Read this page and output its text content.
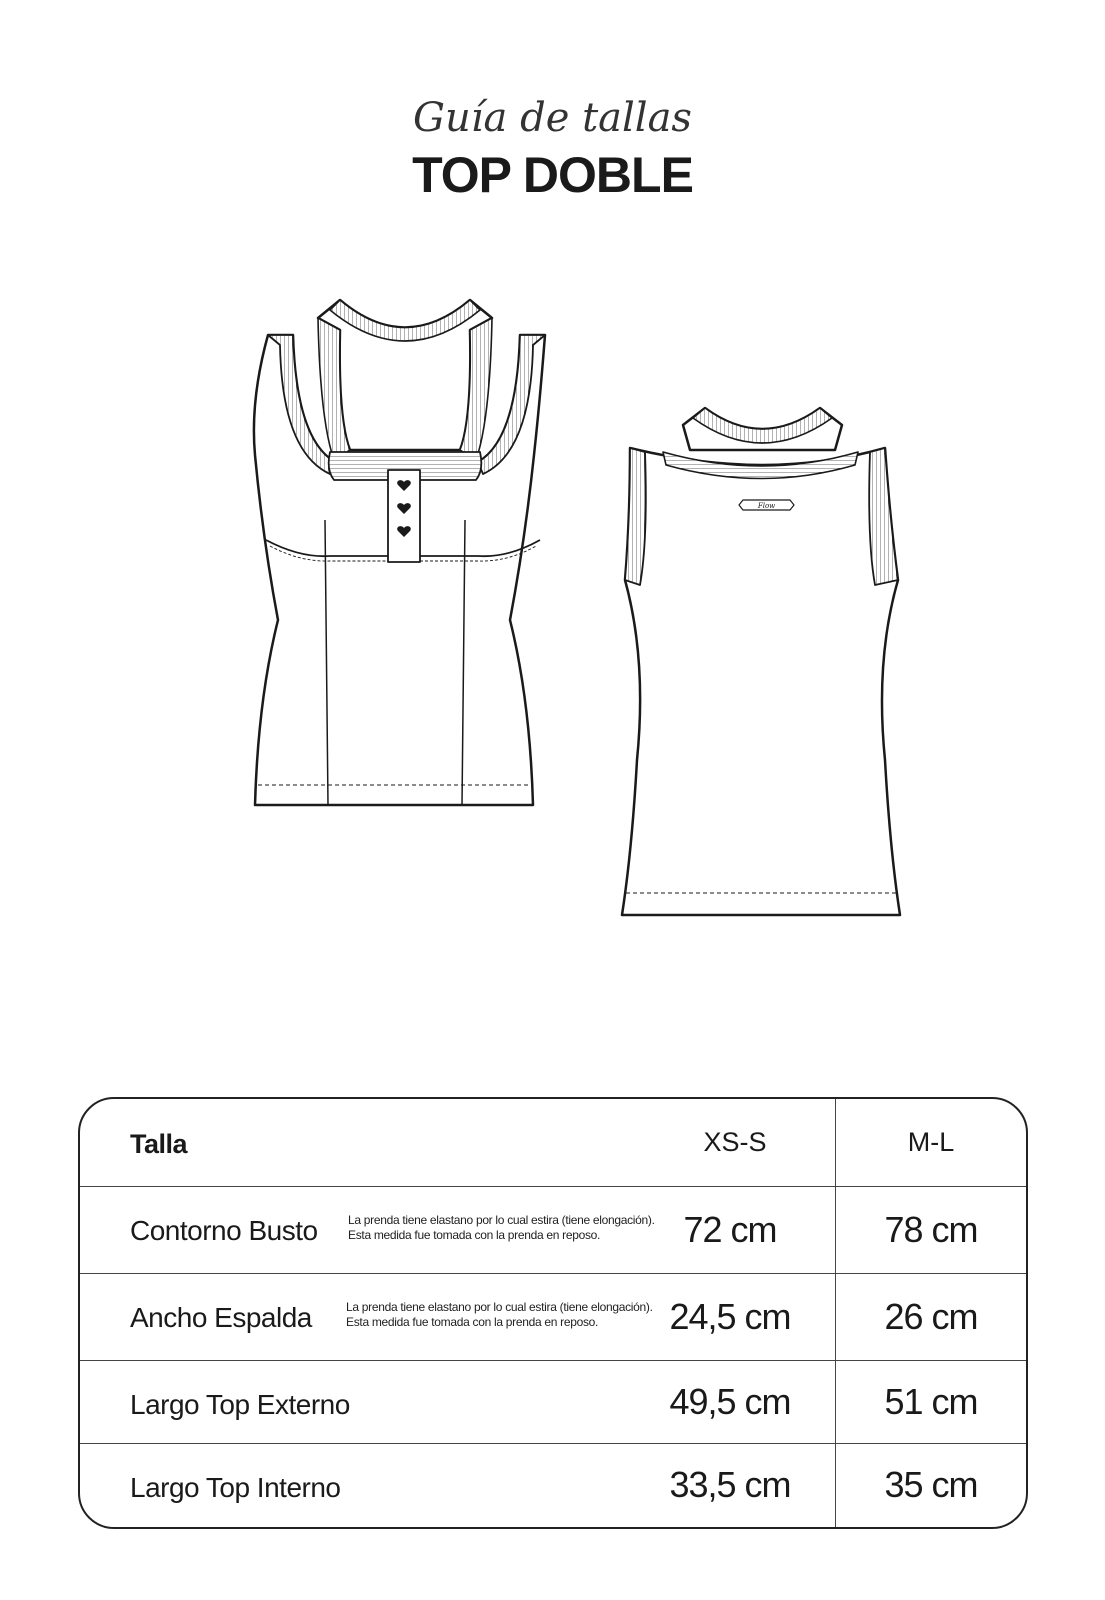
Guía de tallas
TOP DOBLE
Flow
Talla	XS-S	M-L
Contorno Busto	La prenda tiene elastano por lo cual estira (tiene elongación).
Esta medida fue tomada con la prenda en reposo.	72 cm	78 cm
Ancho Espalda	La prenda tiene elastano por lo cual estira (tiene elongación).
Esta medida fue tomada con la prenda en reposo.	24,5 cm	26 cm
Largo Top Externo	49,5 cm	51 cm
Largo Top Interno	33,5 cm	35 cm
